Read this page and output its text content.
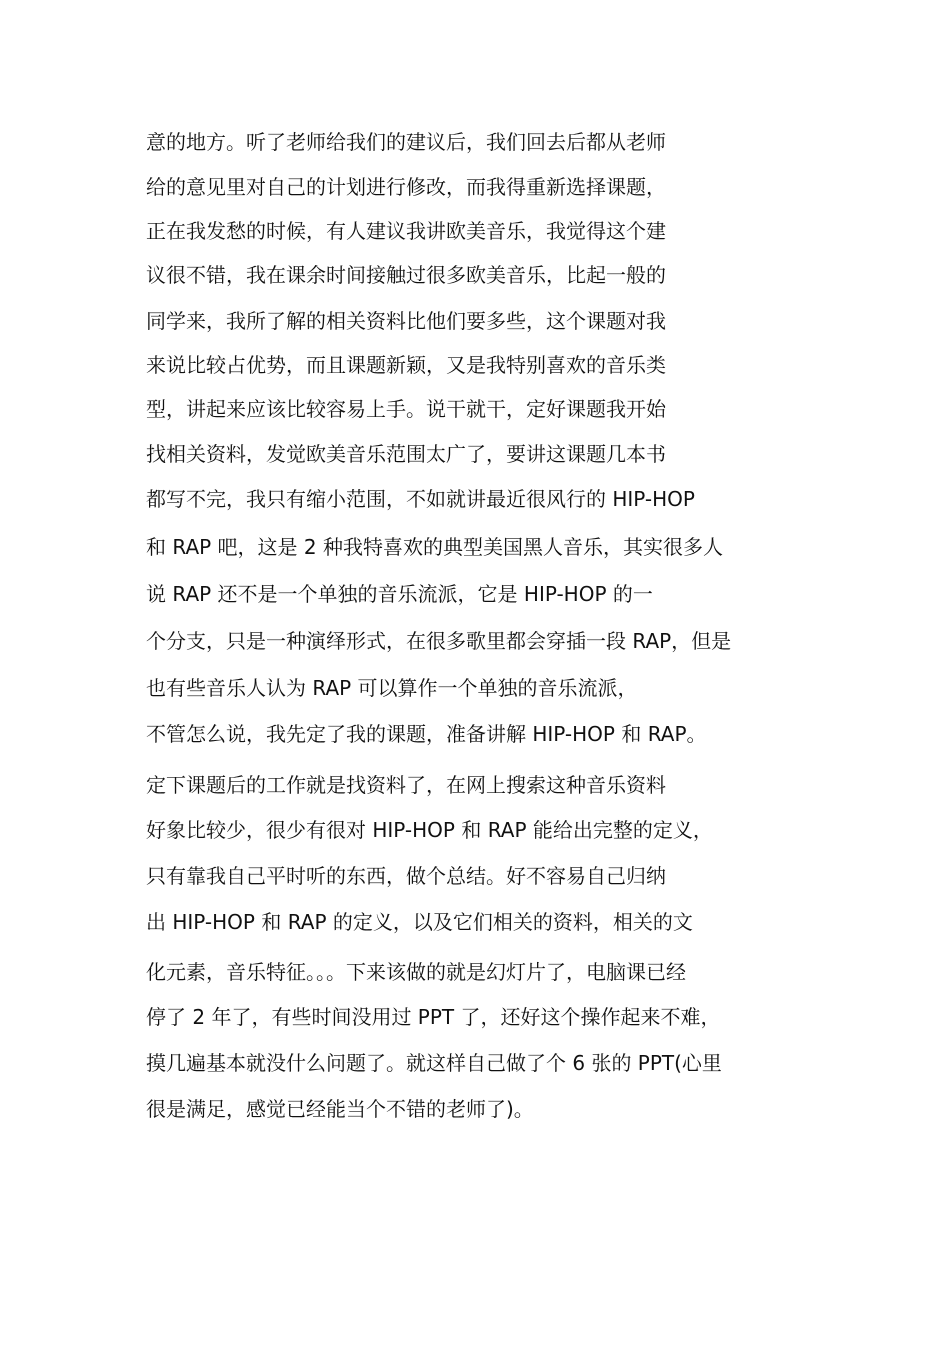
意的地方。听了老师给我们的建议后，我们回去后都从老师
给的意见里对自己的计划进行修改，而我得重新选择课题，
正在我发愁的时候，有人建议我讲欧美音乐，我觉得这个建
议很不错，我在课余时间接触过很多欧美音乐，比起一般的
同学来，我所了解的相关资料比他们要多些，这个课题对我
来说比较占优势，而且课题新颖，又是我特别喜欢的音乐类
型，讲起来应该比较容易上手。说干就干，定好课题我开始
找相关资料，发觉欧美音乐范围太广了，要讲这课题几本书
都写不完，我只有缩小范围，不如就讲最近很风行的 HIP-HOP
和 RAP 吧，这是 2 种我特喜欢的典型美国黑人音乐，其实很多人
说 RAP 还不是一个单独的音乐流派，它是 HIP-HOP 的一
个分支，只是一种演绎形式，在很多歌里都会穿插一段 RAP，但是
也有些音乐人认为 RAP 可以算作一个单独的音乐流派，
不管怎么说，我先定了我的课题，准备讲解 HIP-HOP 和 RAP。
定下课题后的工作就是找资料了，在网上搜索这种音乐资料
好象比较少，很少有很对 HIP-HOP 和 RAP 能给出完整的定义，
只有靠我自己平时听的东西，做个总结。好不容易自己归纳
出 HIP-HOP 和 RAP 的定义，以及它们相关的资料，相关的文
化元素，音乐特征。。。下来该做的就是幻灯片了，电脑课已经
停了 2 年了，有些时间没用过 PPT 了，还好这个操作起来不难，
摸几遍基本就没什么问题了。就这样自己做了个 6 张的 PPT(心里
很是满足，感觉已经能当个不错的老师了)。
